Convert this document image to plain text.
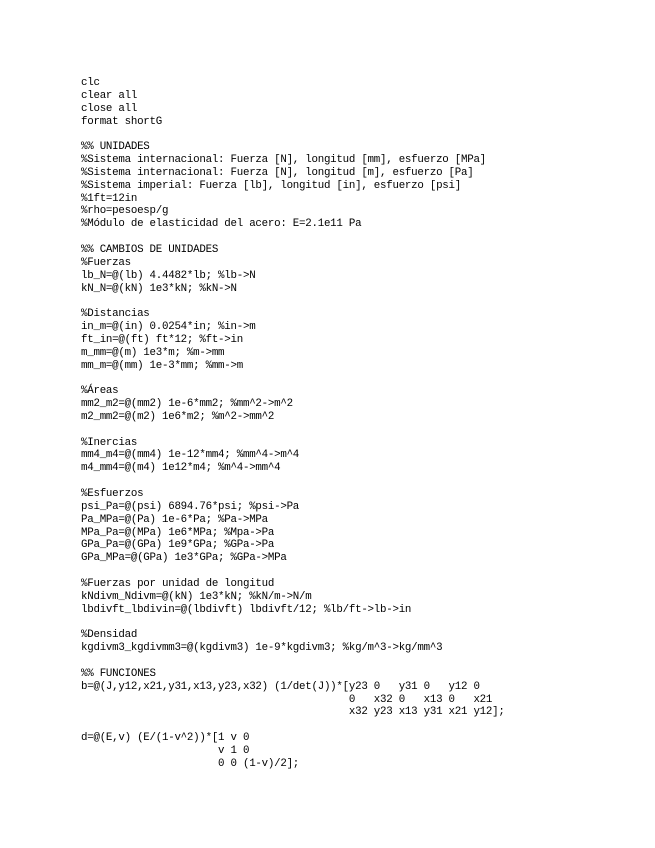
clc
clear all
close all
format shortG
%% UNIDADES
%Sistema internacional: Fuerza [N], longitud [mm], esfuerzo [MPa]
%Sistema internacional: Fuerza [N], longitud [m], esfuerzo [Pa]
%Sistema imperial: Fuerza [lb], longitud [in], esfuerzo [psi]
%1ft=12in
%rho=pesoesp/g
%Módulo de elasticidad del acero: E=2.1e11 Pa
%% CAMBIOS DE UNIDADES
%Fuerzas
lb_N=@(lb) 4.4482*lb; %lb->N
kN_N=@(kN) 1e3*kN; %kN->N
%Distancias
in_m=@(in) 0.0254*in; %in->m
ft_in=@(ft) ft*12; %ft->in
m_mm=@(m) 1e3*m; %m->mm
mm_m=@(mm) 1e-3*mm; %mm->m
%Áreas
mm2_m2=@(mm2) 1e-6*mm2; %mm^2->m^2
m2_mm2=@(m2) 1e6*m2; %m^2->mm^2
%Inercias
mm4_m4=@(mm4) 1e-12*mm4; %mm^4->m^4
m4_mm4=@(m4) 1e12*m4; %m^4->mm^4
%Esfuerzos
psi_Pa=@(psi) 6894.76*psi; %psi->Pa
Pa_MPa=@(Pa) 1e-6*Pa; %Pa->MPa
MPa_Pa=@(MPa) 1e6*MPa; %Mpa->Pa
GPa_Pa=@(GPa) 1e9*GPa; %GPa->Pa
GPa_MPa=@(GPa) 1e3*GPa; %GPa->MPa
%Fuerzas por unidad de longitud
kNdivm_Ndivm=@(kN) 1e3*kN; %kN/m->N/m
lbdivft_lbdivin=@(lbdivft) lbdivft/12; %lb/ft->lb->in
%Densidad
kgdivm3_kgdivmm3=@(kgdivm3) 1e-9*kgdivm3; %kg/m^3->kg/mm^3
%% FUNCIONES
b=@(J,y12,x21,y31,x13,y23,x32) (1/det(J))*[y23 0   y31 0   y12 0
0   x32 0   x13 0   x21
x32 y23 x13 y31 x21 y12];
d=@(E,v) (E/(1-v^2))*[1 v 0
v 1 0
0 0 (1-v)/2];
